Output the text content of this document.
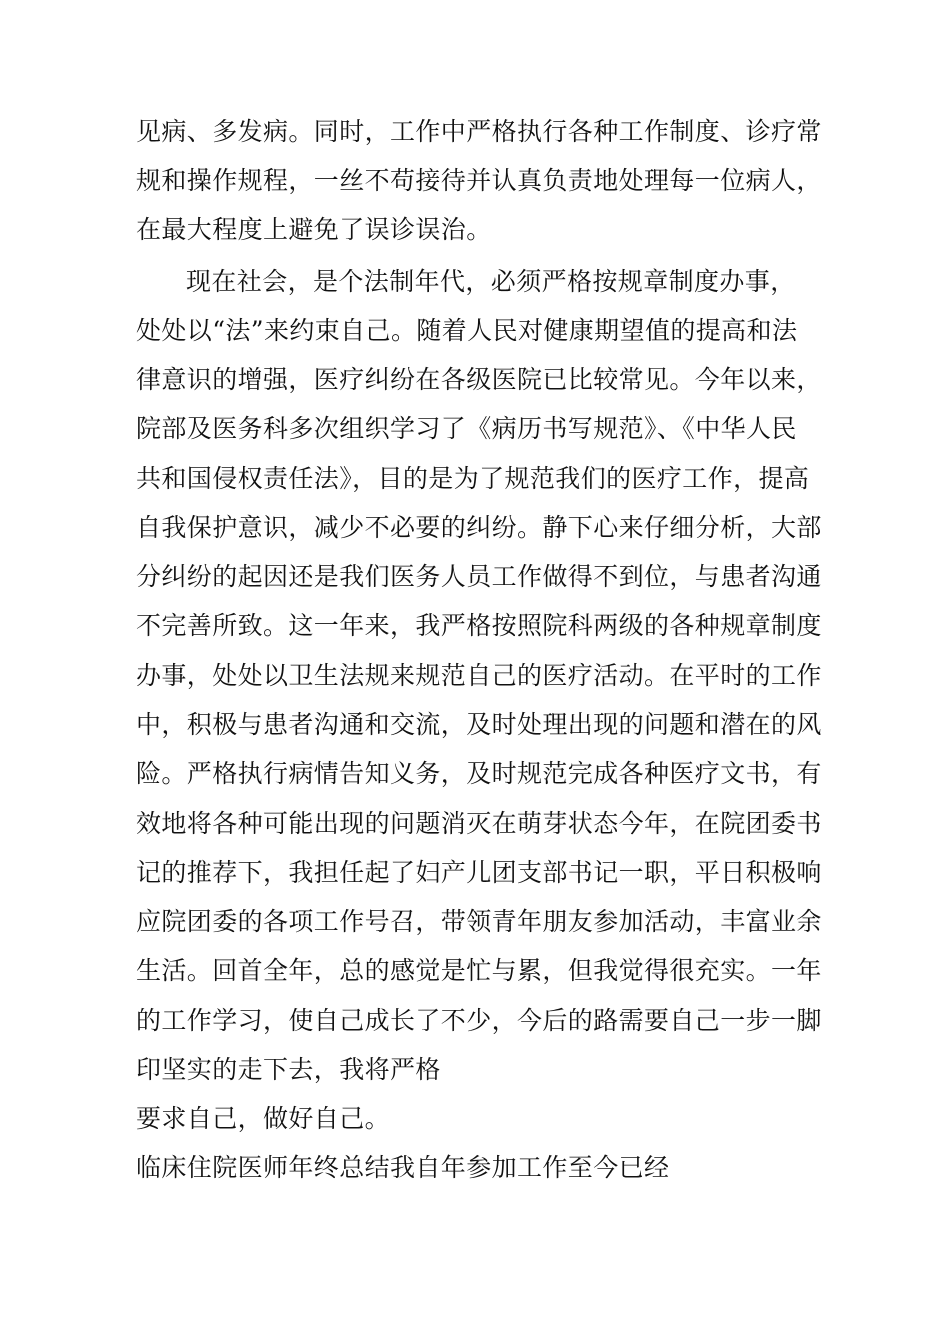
见病、多发病。同时，工作中严格执行各种工作制度、诊疗常
规和操作规程，一丝不苟接待并认真负责地处理每一位病人，
在最大程度上避免了误诊误治。
现在社会，是个法制年代，必须严格按规章制度办事，
处处以“法”来约束自己。随着人民对健康期望值的提高和法
律意识的增强，医疗纠纷在各级医院已比较常见。今年以来，
院部及医务科多次组织学习了《病历书写规范》、《中华人民
共和国侵权责任法》，目的是为了规范我们的医疗工作，提高
自我保护意识，减少不必要的纠纷。静下心来仔细分析，大部
分纠纷的起因还是我们医务人员工作做得不到位，与患者沟通
不完善所致。这一年来，我严格按照院科两级的各种规章制度
办事，处处以卫生法规来规范自己的医疗活动。在平时的工作
中，积极与患者沟通和交流，及时处理出现的问题和潜在的风
险。严格执行病情告知义务，及时规范完成各种医疗文书，有
效地将各种可能出现的问题消灭在萌芽状态今年，在院团委书
记的推荐下，我担任起了妇产儿团支部书记一职，平日积极响
应院团委的各项工作号召，带领青年朋友参加活动，丰富业余
生活。回首全年，总的感觉是忙与累，但我觉得很充实。一年
的工作学习，使自己成长了不少，今后的路需要自己一步一脚
印坚实的走下去，我将严格
要求自己，做好自己。
临床住院医师年终总结我自年参加工作至今已经
